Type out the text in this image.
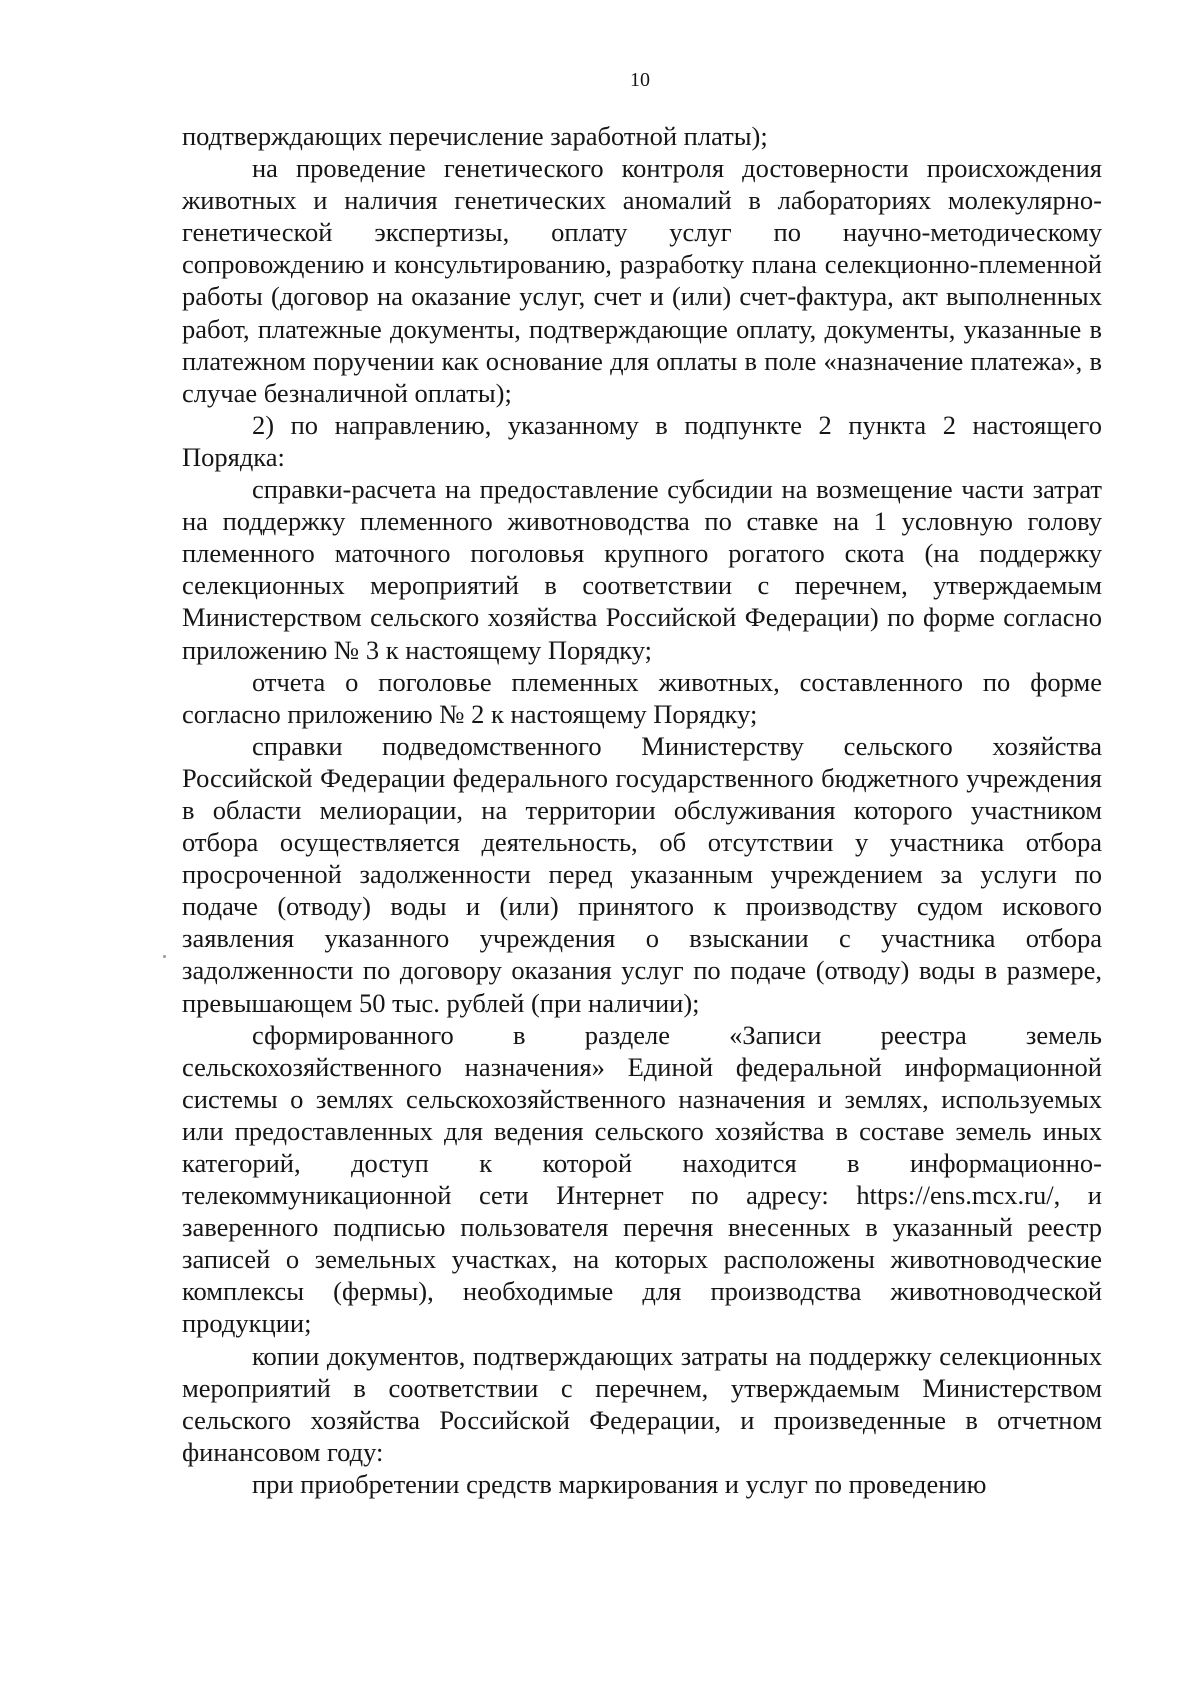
10

подтверждающих перечисление заработной платы);

на проведение генетического контроля достоверности происхождения животных и наличия генетических аномалий в лабораториях молекулярно-генетической экспертизы, оплату услуг по научно-методическому сопровождению и консультированию, разработку плана селекционно-племенной работы (договор на оказание услуг, счет и (или) счет-фактура, акт выполненных работ, платежные документы, подтверждающие оплату, документы, указанные в платежном поручении как основание для оплаты в поле «назначение платежа», в случае безналичной оплаты);

2) по направлению, указанному в подпункте 2 пункта 2 настоящего Порядка:

справки-расчета на предоставление субсидии на возмещение части затрат на поддержку племенного животноводства по ставке на 1 условную голову племенного маточного поголовья крупного рогатого скота (на поддержку селекционных мероприятий в соответствии с перечнем, утверждаемым Министерством сельского хозяйства Российской Федерации) по форме согласно приложению № 3 к настоящему Порядку;

отчета о поголовье племенных животных, составленного по форме согласно приложению № 2 к настоящему Порядку;

справки подведомственного Министерству сельского хозяйства Российской Федерации федерального государственного бюджетного учреждения в области мелиорации, на территории обслуживания которого участником отбора осуществляется деятельность, об отсутствии у участника отбора просроченной задолженности перед указанным учреждением за услуги по подаче (отводу) воды и (или) принятого к производству судом искового заявления указанного учреждения о взыскании с участника отбора задолженности по договору оказания услуг по подаче (отводу) воды в размере, превышающем 50 тыс. рублей (при наличии);

сформированного в разделе «Записи реестра земель сельскохозяйственного назначения» Единой федеральной информационной системы о землях сельскохозяйственного назначения и землях, используемых или предоставленных для ведения сельского хозяйства в составе земель иных категорий, доступ к которой находится в информационно-телекоммуникационной сети Интернет по адресу: https://ens.mcx.ru/, и заверенного подписью пользователя перечня внесенных в указанный реестр записей о земельных участках, на которых расположены животноводческие комплексы (фермы), необходимые для производства животноводческой продукции;

копии документов, подтверждающих затраты на поддержку селекционных мероприятий в соответствии с перечнем, утверждаемым Министерством сельского хозяйства Российской Федерации, и произведенные в отчетном финансовом году:

при приобретении средств маркирования и услуг по проведению
